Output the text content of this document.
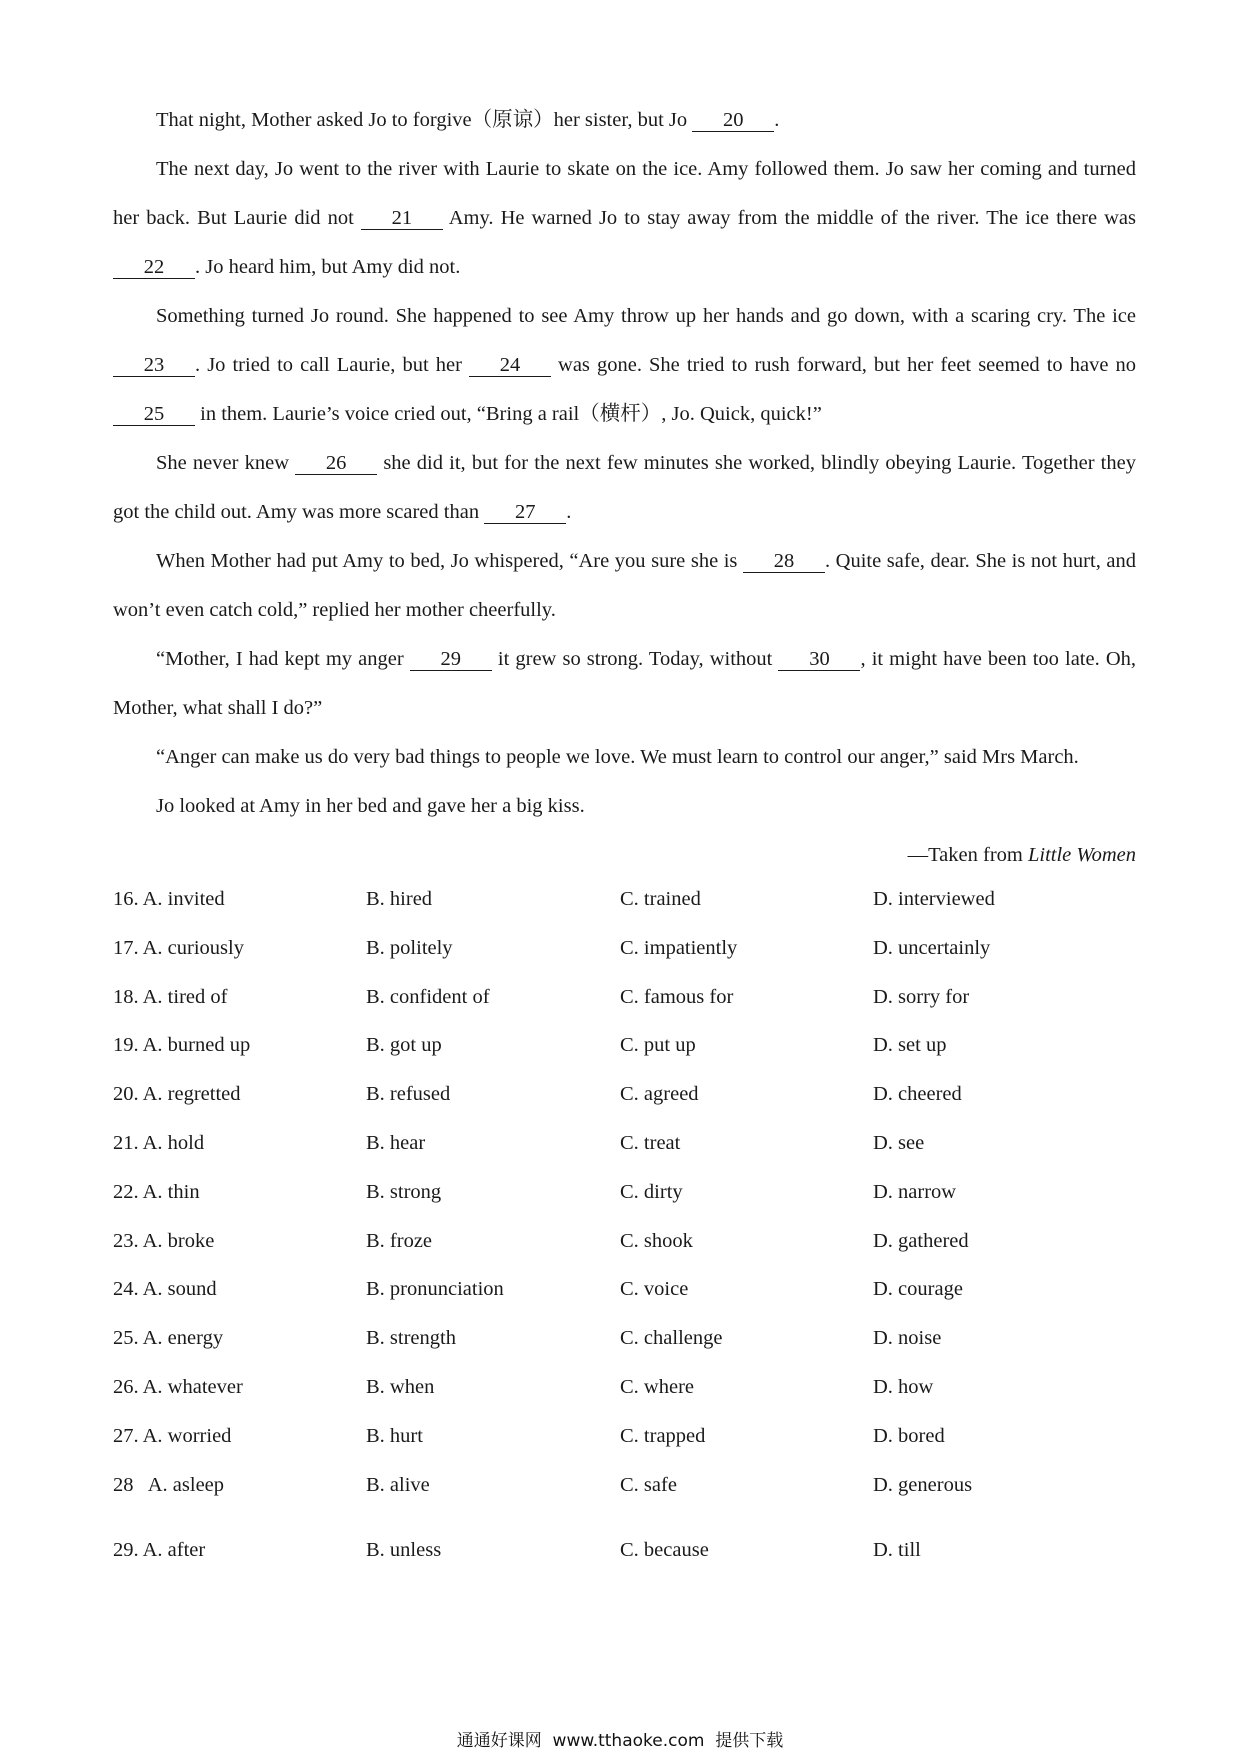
That night, Mother asked Jo to forgive（原谅）her sister, but Jo 20 .

The next day, Jo went to the river with Laurie to skate on the ice. Amy followed them. Jo saw her coming and turned her back. But Laurie did not 21 Amy. He warned Jo to stay away from the middle of the river. The ice there was 22 . Jo heard him, but Amy did not.

Something turned Jo round. She happened to see Amy throw up her hands and go down, with a scaring cry. The ice 23 . Jo tried to call Laurie, but her 24 was gone. She tried to rush forward, but her feet seemed to have no 25 in them. Laurie’s voice cried out, “Bring a rail（横杆）, Jo. Quick, quick!”

She never knew 26 she did it, but for the next few minutes she worked, blindly obeying Laurie. Together they got the child out. Amy was more scared than 27 .

When Mother had put Amy to bed, Jo whispered, “Are you sure she is 28 . Quite safe, dear. She is not hurt, and won’t even catch cold,” replied her mother cheerfully.

“Mother, I had kept my anger 29 it grew so strong. Today, without 30 , it might have been too late. Oh, Mother, what shall I do?”

“Anger can make us do very bad things to people we love. We must learn to control our anger,” said Mrs March.

Jo looked at Amy in her bed and gave her a big kiss.

—Taken from Little Women

16. A. invited	B. hired	C. trained	D. interviewed
17. A. curiously	B. politely	C. impatiently	D. uncertainly
18. A. tired of	B. confident of	C. famous for	D. sorry for
19. A. burned up	B. got up	C. put up	D. set up
20. A. regretted	B. refused	C. agreed	D. cheered
21. A. hold	B. hear	C. treat	D. see
22. A. thin	B. strong	C. dirty	D. narrow
23. A. broke	B. froze	C. shook	D. gathered
24. A. sound	B. pronunciation	C. voice	D. courage
25. A. energy	B. strength	C. challenge	D. noise
26. A. whatever	B. when	C. where	D. how
27. A. worried	B. hurt	C. trapped	D. bored
28   A. asleep	B. alive	C. safe	D. generous
29. A. after	B. unless	C. because	D. till
通通好课网  www.tthaoke.com  提供下载
